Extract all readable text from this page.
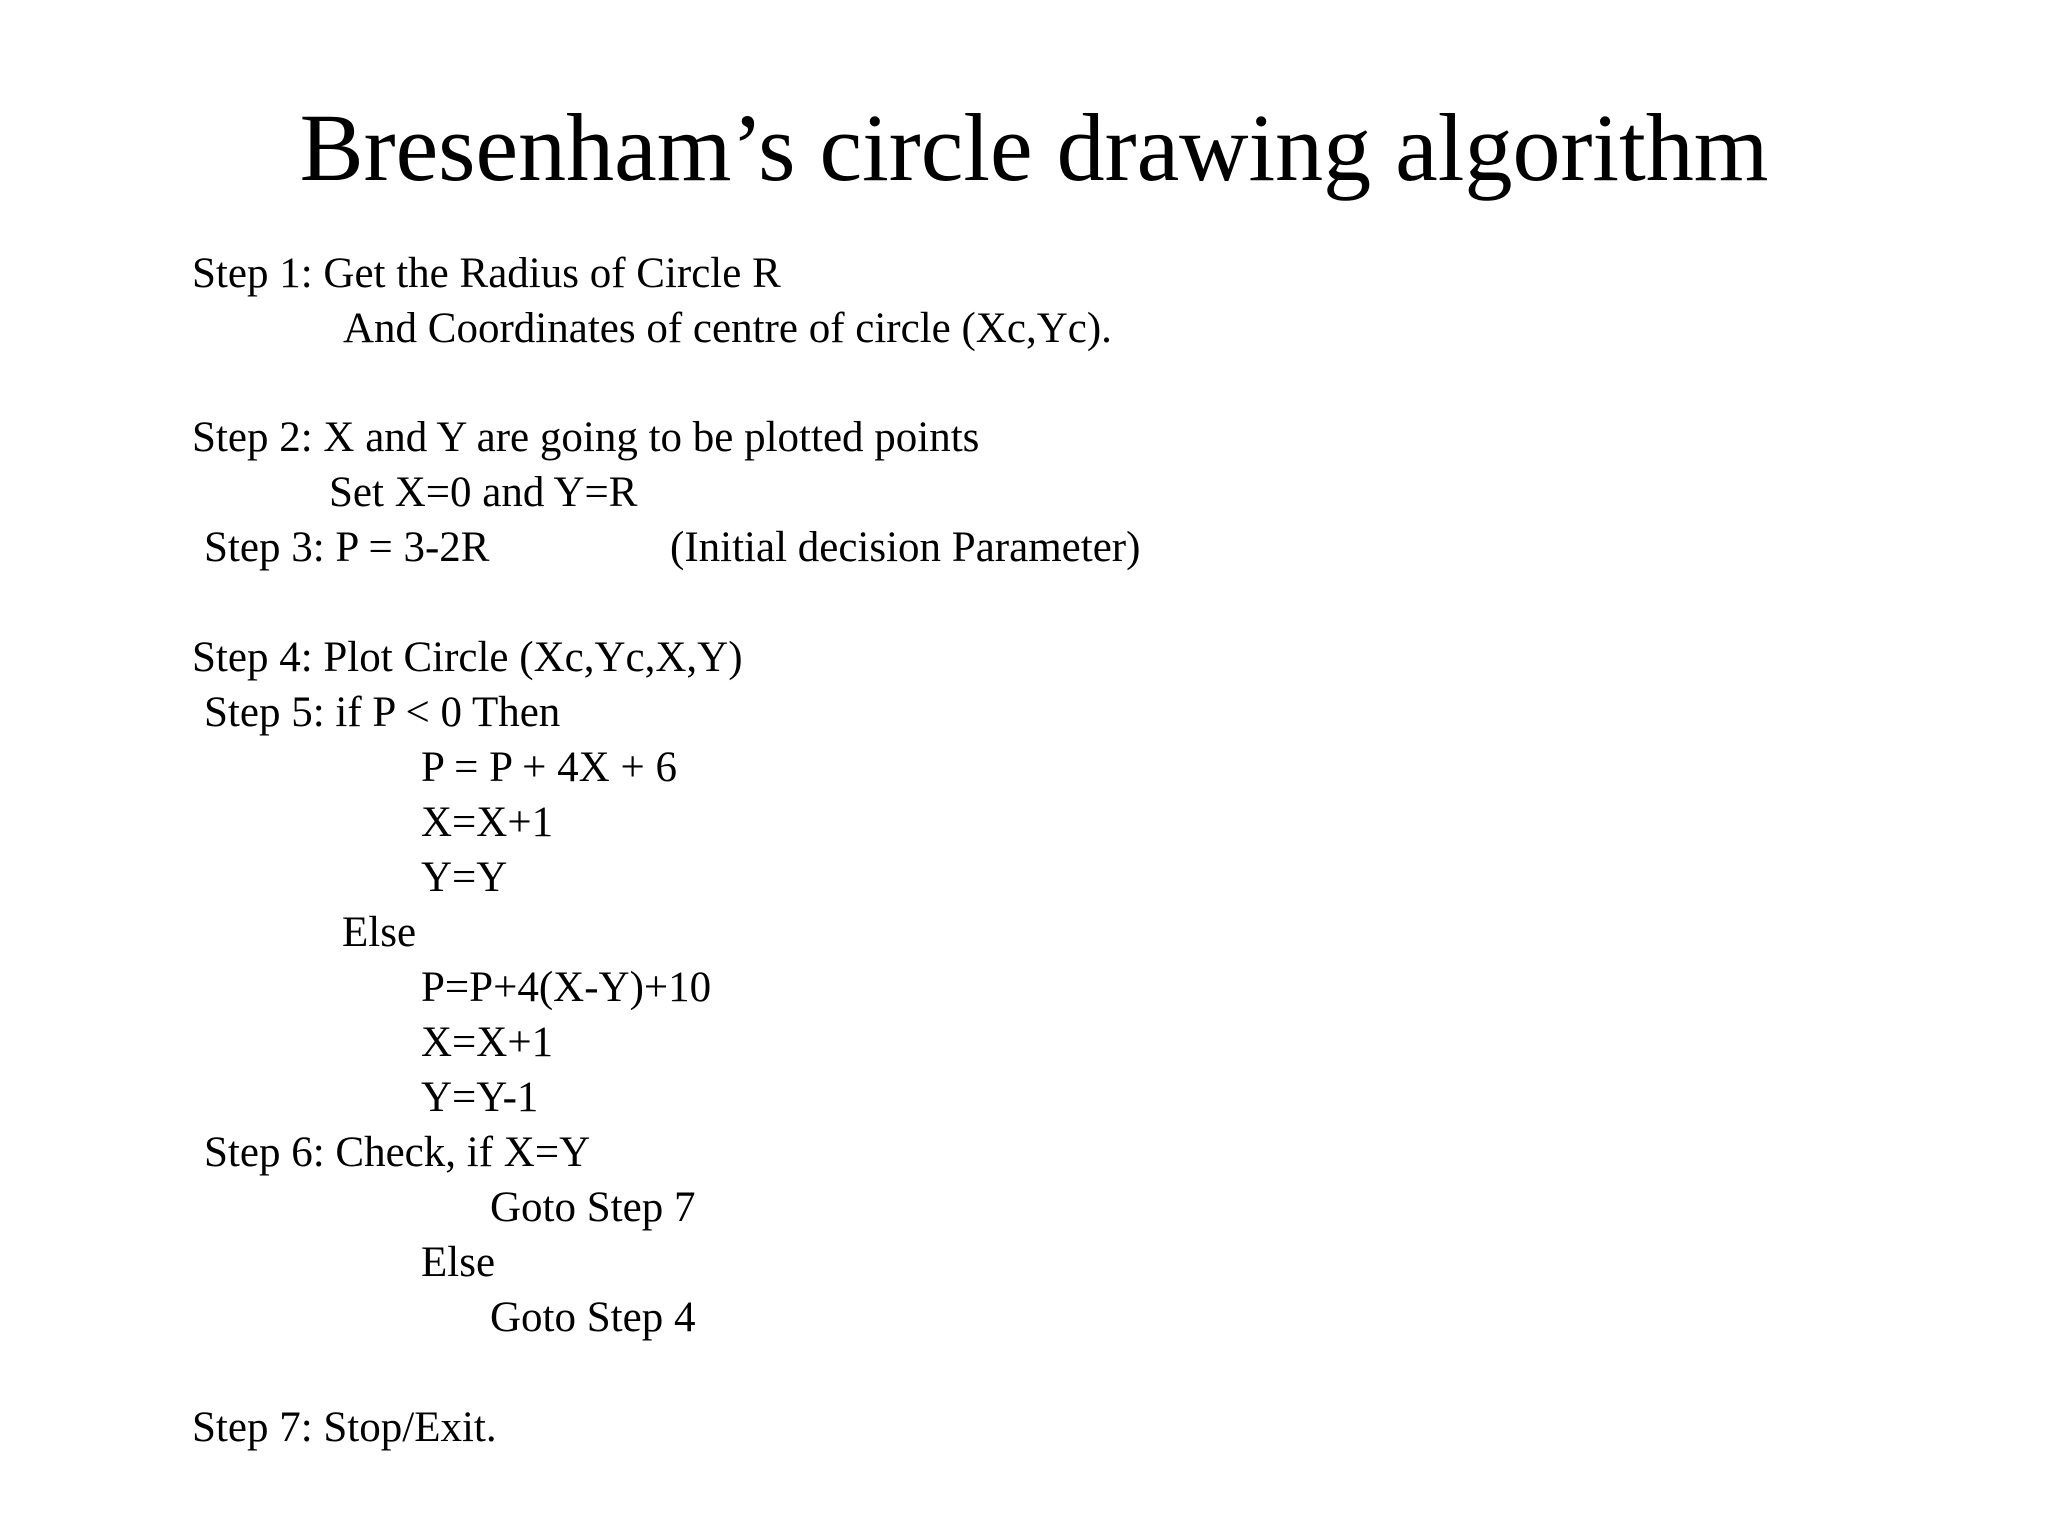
Bresenham’s circle drawing algorithm
Step 1: Get the Radius of Circle R
And Coordinates of centre of circle (Xc,Yc).
Step 2: X and Y are going to be plotted points
Set X=0 and Y=R
Step 3: P = 3-2R	(Initial decision Parameter)
Step 4: Plot Circle (Xc,Yc,X,Y)
Step 5: if P < 0 Then
P = P + 4X + 6
X=X+1
Y=Y
Else
P=P+4(X-Y)+10
X=X+1
Y=Y-1
Step 6: Check, if X=Y
Goto Step 7
Else
Goto Step 4
Step 7: Stop/Exit.
